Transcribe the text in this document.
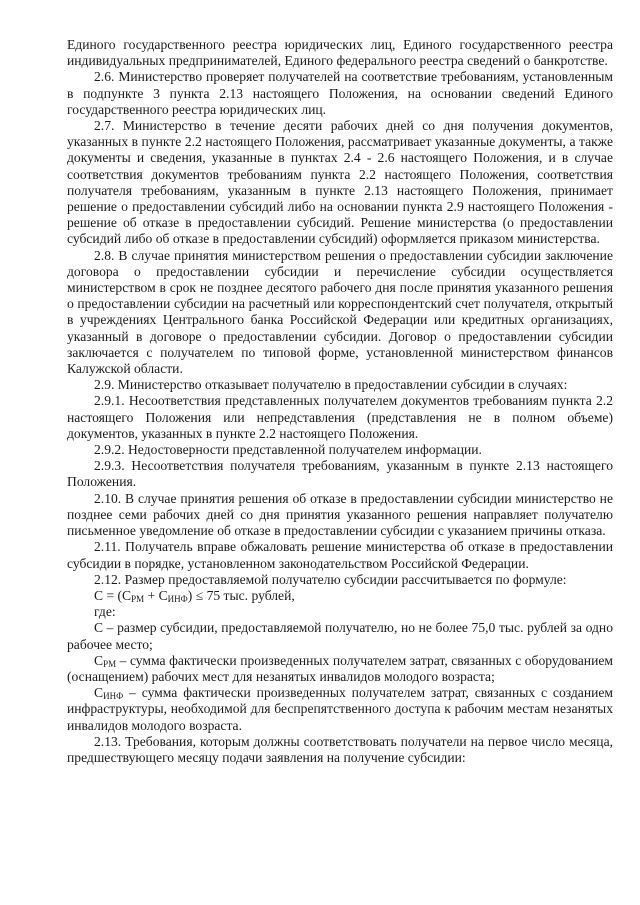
Единого государственного реестра юридических лиц, Единого государственного реестра индивидуальных предпринимателей, Единого федерального реестра сведений о банкротстве.

2.6. Министерство проверяет получателей на соответствие требованиям, установленным в подпункте 3 пункта 2.13 настоящего Положения, на основании сведений Единого государственного реестра юридических лиц.

2.7. Министерство в течение десяти рабочих дней со дня получения документов, указанных в пункте 2.2 настоящего Положения, рассматривает указанные документы, а также документы и сведения, указанные в пунктах 2.4 - 2.6 настоящего Положения, и в случае соответствия документов требованиям пункта 2.2 настоящего Положения, соответствия получателя требованиям, указанным в пункте 2.13 настоящего Положения, принимает решение о предоставлении субсидий либо на основании пункта 2.9 настоящего Положения - решение об отказе в предоставлении субсидий. Решение министерства (о предоставлении субсидий либо об отказе в предоставлении субсидий) оформляется приказом министерства.

2.8. В случае принятия министерством решения о предоставлении субсидии заключение договора о предоставлении субсидии и перечисление субсидии осуществляется министерством в срок не позднее десятого рабочего дня после принятия указанного решения о предоставлении субсидии на расчетный или корреспондентский счет получателя, открытый в учреждениях Центрального банка Российской Федерации или кредитных организациях, указанный в договоре о предоставлении субсидии. Договор о предоставлении субсидии заключается с получателем по типовой форме, установленной министерством финансов Калужской области.

2.9. Министерство отказывает получателю в предоставлении субсидии в случаях:

2.9.1. Несоответствия представленных получателем документов требованиям пункта 2.2 настоящего Положения или непредставления (представления не в полном объеме) документов, указанных в пункте 2.2 настоящего Положения.

2.9.2. Недостоверности представленной получателем информации.

2.9.3. Несоответствия получателя требованиям, указанным в пункте 2.13 настоящего Положения.

2.10. В случае принятия решения об отказе в предоставлении субсидии министерство не позднее семи рабочих дней со дня принятия указанного решения направляет получателю письменное уведомление об отказе в предоставлении субсидии с указанием причины отказа.

2.11. Получатель вправе обжаловать решение министерства об отказе в предоставлении субсидии в порядке, установленном законодательством Российской Федерации.

2.12. Размер предоставляемой получателю субсидии рассчитывается по формуле:

$С = (С_{РМ} + С_{ИНФ}) \le 75$ тыс. рублей,

где:

С – размер субсидии, предоставляемой получателю, но не более 75,0 тыс. рублей за одно рабочее место;

$С_{РМ}$ – сумма фактически произведенных получателем затрат, связанных с оборудованием (оснащением) рабочих мест для незанятых инвалидов молодого возраста;

$С_{ИНФ}$ – сумма фактически произведенных получателем затрат, связанных с созданием инфраструктуры, необходимой для беспрепятственного доступа к рабочим местам незанятых инвалидов молодого возраста.

2.13. Требования, которым должны соответствовать получатели на первое число месяца, предшествующего месяцу подачи заявления на получение субсидии:
